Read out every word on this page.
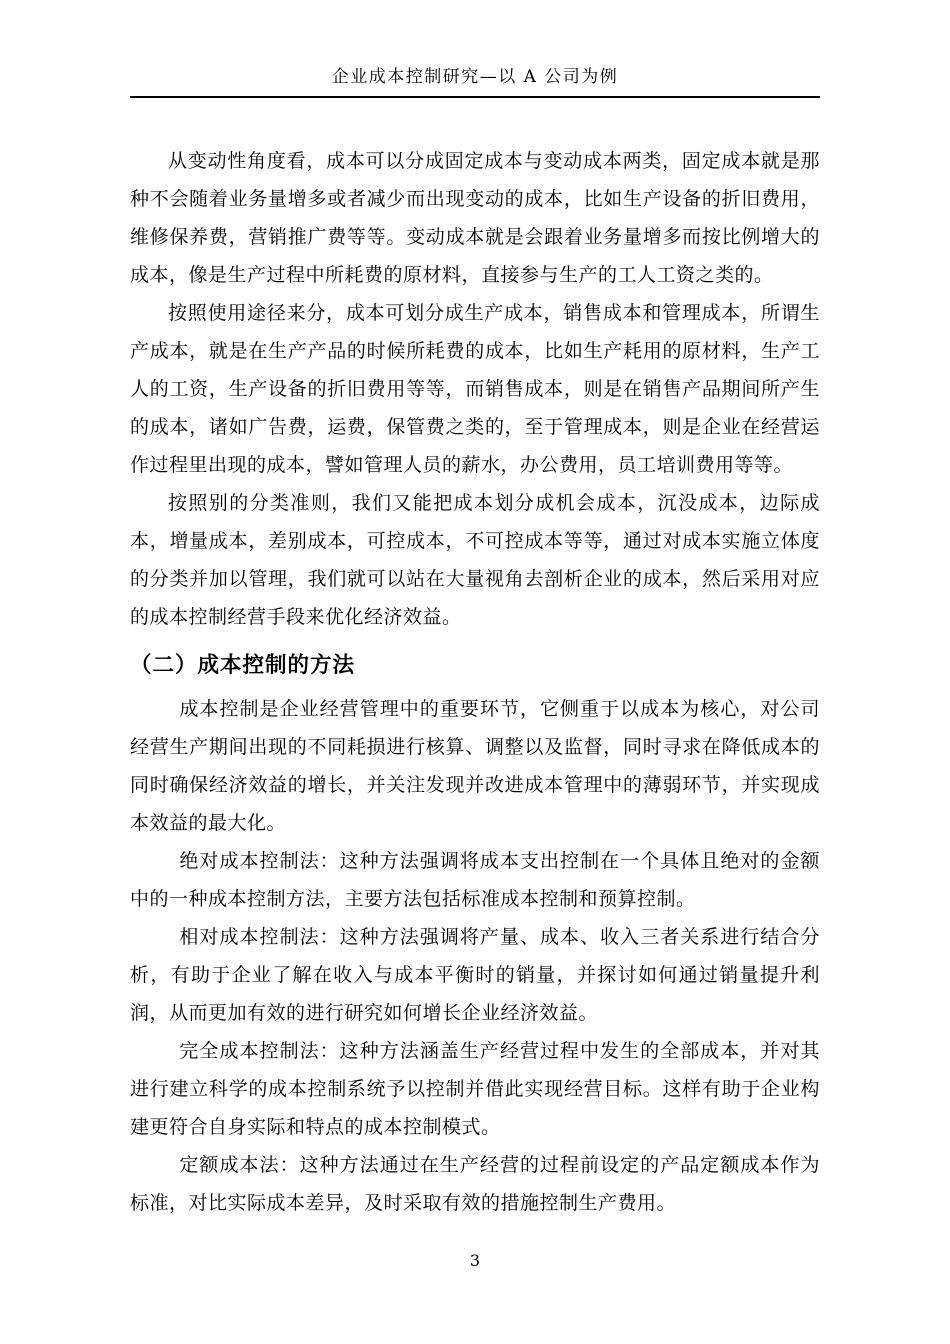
企业成本控制研究—以 A 公司为例

从变动性角度看，成本可以分成固定成本与变动成本两类，固定成本就是那种不会随着业务量增多或者减少而出现变动的成本，比如生产设备的折旧费用，维修保养费，营销推广费等等。变动成本就是会跟着业务量增多而按比例增大的成本，像是生产过程中所耗费的原材料，直接参与生产的工人工资之类的。

按照使用途径来分，成本可划分成生产成本，销售成本和管理成本，所谓生产成本，就是在生产产品的时候所耗费的成本，比如生产耗用的原材料，生产工人的工资，生产设备的折旧费用等等，而销售成本，则是在销售产品期间所产生的成本，诸如广告费，运费，保管费之类的，至于管理成本，则是企业在经营运作过程里出现的成本，譬如管理人员的薪水，办公费用，员工培训费用等等。

按照别的分类准则，我们又能把成本划分成机会成本，沉没成本，边际成本，增量成本，差别成本，可控成本，不可控成本等等，通过对成本实施立体度的分类并加以管理，我们就可以站在大量视角去剖析企业的成本，然后采用对应的成本控制经营手段来优化经济效益。

（二）成本控制的方法

成本控制是企业经营管理中的重要环节，它侧重于以成本为核心，对公司经营生产期间出现的不同耗损进行核算、调整以及监督，同时寻求在降低成本的同时确保经济效益的增长，并关注发现并改进成本管理中的薄弱环节，并实现成本效益的最大化。

绝对成本控制法：这种方法强调将成本支出控制在一个具体且绝对的金额中的一种成本控制方法，主要方法包括标准成本控制和预算控制。

相对成本控制法：这种方法强调将产量、成本、收入三者关系进行结合分析，有助于企业了解在收入与成本平衡时的销量，并探讨如何通过销量提升利润，从而更加有效的进行研究如何增长企业经济效益。

完全成本控制法：这种方法涵盖生产经营过程中发生的全部成本，并对其进行建立科学的成本控制系统予以控制并借此实现经营目标。这样有助于企业构建更符合自身实际和特点的成本控制模式。

定额成本法：这种方法通过在生产经营的过程前设定的产品定额成本作为标准，对比实际成本差异，及时采取有效的措施控制生产费用。

3
